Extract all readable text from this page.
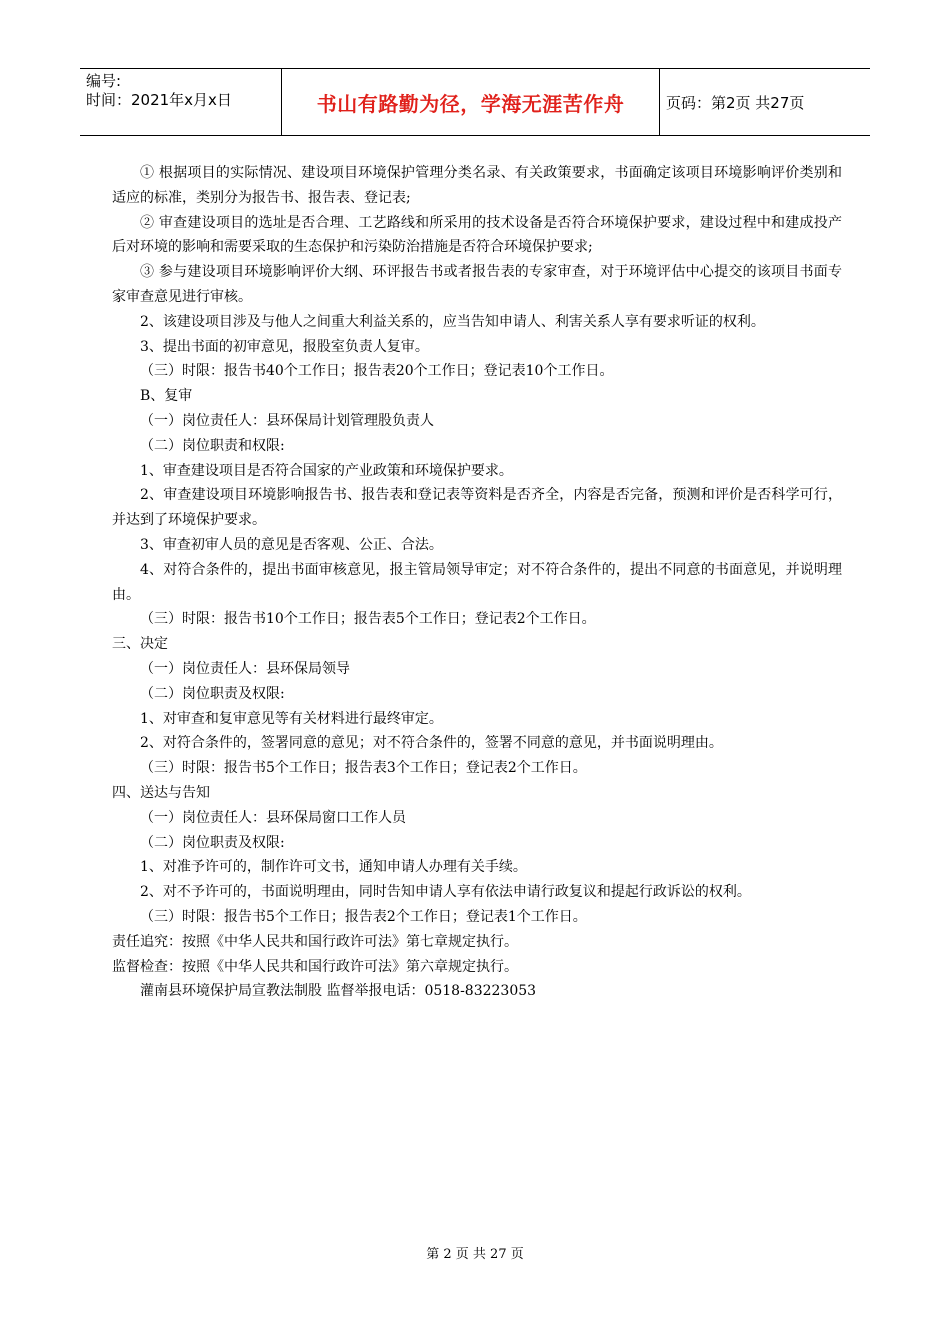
编号:
时间：2021年x月x日	书山有路勤为径，学海无涯苦作舟	页码：第2页 共27页

① 根据项目的实际情况、建设项目环境保护管理分类名录、有关政策要求，书面确定该项目环境影响评价类别和适应的标准，类别分为报告书、报告表、登记表;

② 审查建设项目的选址是否合理、工艺路线和所采用的技术设备是否符合环境保护要求，建设过程中和建成投产后对环境的影响和需要采取的生态保护和污染防治措施是否符合环境保护要求;

③ 参与建设项目环境影响评价大纲、环评报告书或者报告表的专家审查，对于环境评估中心提交的该项目书面专家审查意见进行审核。

2、该建设项目涉及与他人之间重大利益关系的，应当告知申请人、利害关系人享有要求听证的权利。

3、提出书面的初审意见，报股室负责人复审。

（三）时限：报告书40个工作日；报告表20个工作日；登记表10个工作日。

B、复审

（一）岗位责任人：县环保局计划管理股负责人

（二）岗位职责和权限:

1、审查建设项目是否符合国家的产业政策和环境保护要求。

2、审查建设项目环境影响报告书、报告表和登记表等资料是否齐全，内容是否完备，预测和评价是否科学可行，并达到了环境保护要求。

3、审查初审人员的意见是否客观、公正、合法。

4、对符合条件的，提出书面审核意见，报主管局领导审定；对不符合条件的，提出不同意的书面意见，并说明理由。

（三）时限：报告书10个工作日；报告表5个工作日；登记表2个工作日。

三、决定

（一）岗位责任人：县环保局领导

（二）岗位职责及权限:

1、对审查和复审意见等有关材料进行最终审定。

2、对符合条件的，签署同意的意见；对不符合条件的，签署不同意的意见，并书面说明理由。

（三）时限：报告书5个工作日；报告表3个工作日；登记表2个工作日。

四、送达与告知

（一）岗位责任人：县环保局窗口工作人员

（二）岗位职责及权限:

1、对准予许可的，制作许可文书，通知申请人办理有关手续。

2、对不予许可的，书面说明理由，同时告知申请人享有依法申请行政复议和提起行政诉讼的权利。

（三）时限：报告书5个工作日；报告表2个工作日；登记表1个工作日。

责任追究：按照《中华人民共和国行政许可法》第七章规定执行。

监督检查：按照《中华人民共和国行政许可法》第六章规定执行。

灌南县环境保护局宣教法制股 监督举报电话：0518-83223053

第 2 页 共 27 页
